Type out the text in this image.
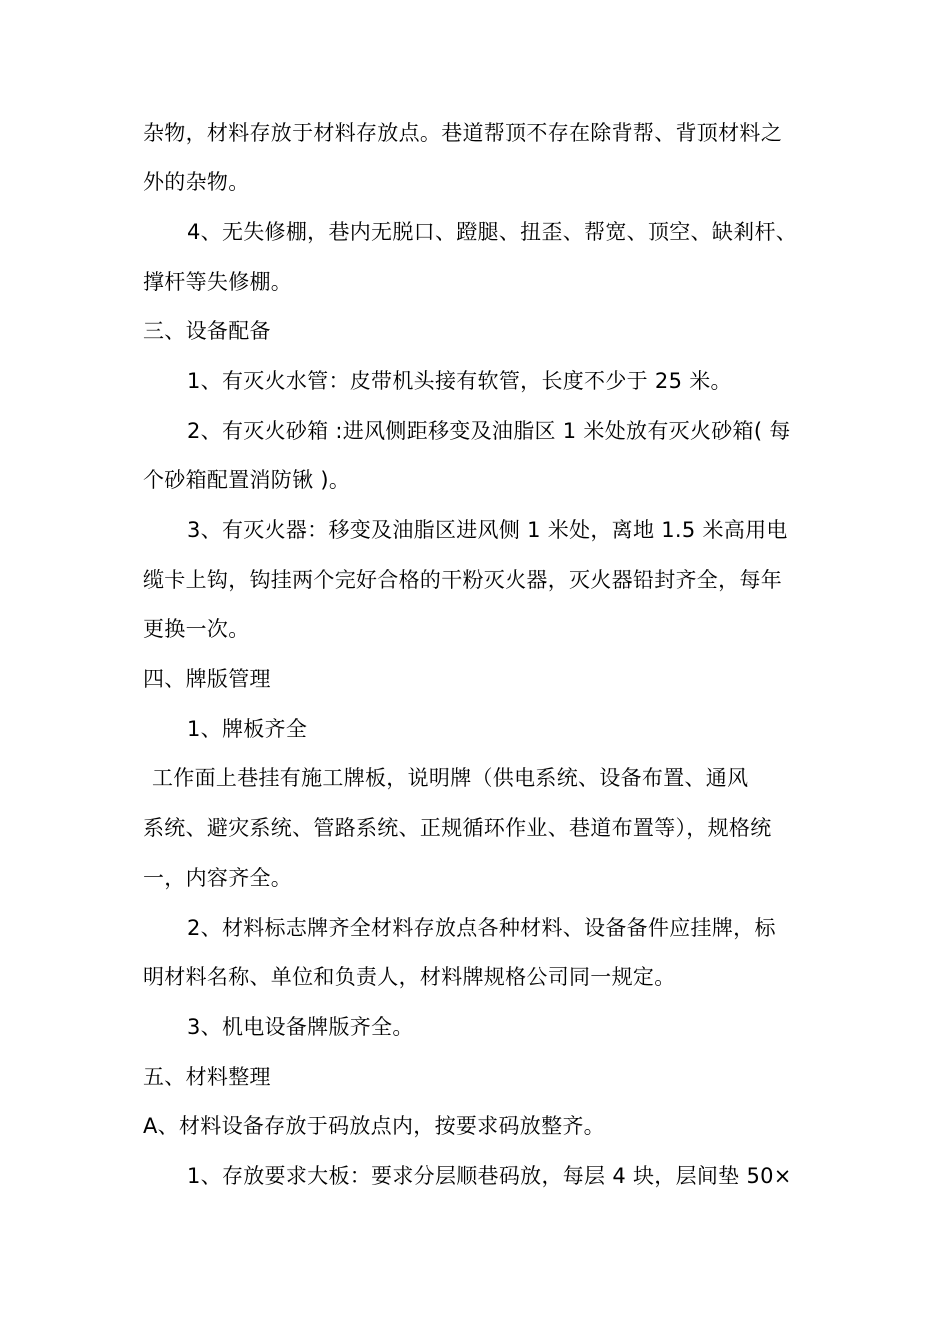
杂物，材料存放于材料存放点。巷道帮顶不存在除背帮、背顶材料之
外的杂物。
4、无失修棚，巷内无脱口、蹬腿、扭歪、帮宽、顶空、缺剎杆、
撑杆等失修棚。
三、设备配备
1、有灭火水管：皮带机头接有软管，长度不少于 25 米。
2、有灭火砂箱 :进风侧距移变及油脂区 1 米处放有灭火砂箱( 每
个砂箱配置消防锹 )。
3、有灭火器：移变及油脂区进风侧 1 米处，离地 1.5 米高用电
缆卡上钩，钩挂两个完好合格的干粉灭火器，灭火器铅封齐全，每年
更换一次。
四、牌版管理
1、牌板齐全
工作面上巷挂有施工牌板，说明牌（供电系统、设备布置、通风
系统、避灾系统、管路系统、正规循环作业、巷道布置等），规格统
一，内容齐全。
2、材料标志牌齐全材料存放点各种材料、设备备件应挂牌，标
明材料名称、单位和负责人，材料牌规格公司同一规定。
3、机电设备牌版齐全。
五、材料整理
A、材料设备存放于码放点内，按要求码放整齐。
1、存放要求大板：要求分层顺巷码放，每层 4 块，层间垫 50×
